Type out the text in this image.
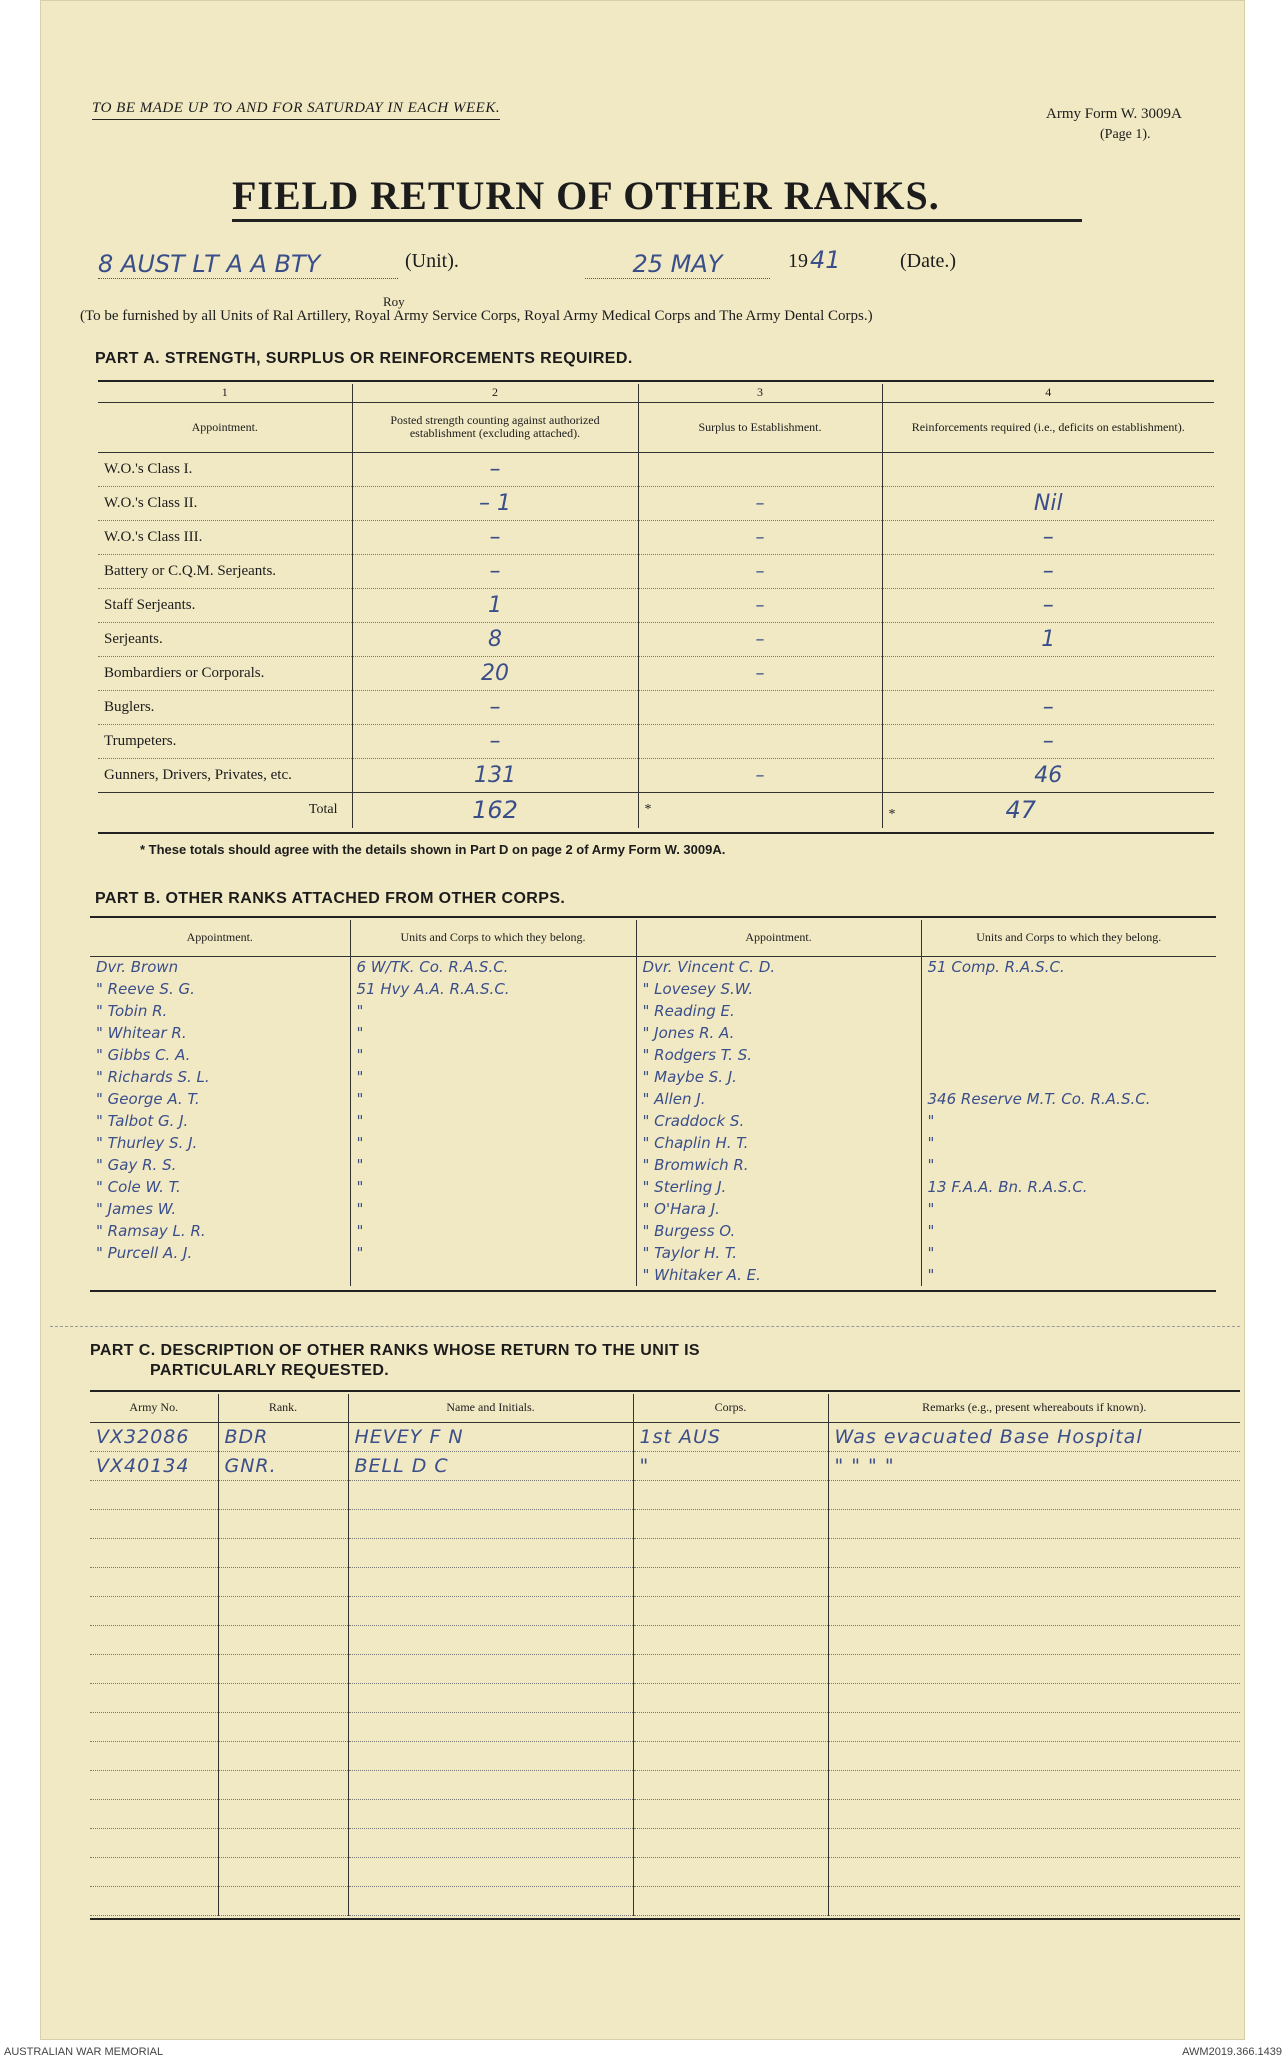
TO BE MADE UP TO AND FOR SATURDAY IN EACH WEEK.	Army Form W. 3009A
(Page 1).
FIELD RETURN OF OTHER RANKS.
8 AUST LT A A BTY	(Unit).	25 MAY	19 41	(Date.)
(To be furnished by all Units of Ral Artillery, Royal Army Service Corps, Royal Army Medical Corps and The Army Dental Corps.)
Roy
PART A. STRENGTH, SURPLUS OR REINFORCEMENTS REQUIRED.
1	2	3	4
Appointment.	Posted strength counting against authorized establishment (excluding attached).	Surplus to Establishment.	Reinforcements required (i.e., deficits on establishment).
W.O.'s Class I.	–		
W.O.'s Class II.	– 1	–	Nil
W.O.'s Class III.	–	–	–
Battery or C.Q.M. Serjeants.	–	–	–
Staff Serjeants.	1	–	–
Serjeants.	8	–	1
Bombardiers or Corporals.	20	–	
Buglers.	–		–
Trumpeters.	–		–
Gunners, Drivers, Privates, etc.	131	–	46
Total	162	*	* 47
* These totals should agree with the details shown in Part D on page 2 of Army Form W. 3009A.
PART B. OTHER RANKS ATTACHED FROM OTHER CORPS.
Appointment.	Units and Corps to which they belong.	Appointment.	Units and Corps to which they belong.
Dvr. Brown	6 W/TK. Co. R.A.S.C.	Dvr. Vincent C. D.	51 Comp. R.A.S.C.
" Reeve S. G.	51 Hvy A.A. R.A.S.C.	" Lovesey S.W.	
" Tobin R.	"	" Reading E.	
" Whitear R.	"	" Jones R. A.	
" Gibbs C. A.	"	" Rodgers T. S.	
" Richards S. L.	"	" Maybe S. J.	
" George A. T.	"	" Allen J.	346 Reserve M.T. Co. R.A.S.C.
" Talbot G. J.	"	" Craddock S.	"
" Thurley S. J.	"	" Chaplin H. T.	"
" Gay R. S.	"	" Bromwich R.	"
" Cole W. T.	"	" Sterling J.	13 F.A.A. Bn. R.A.S.C.
" James W.	"	" O'Hara J.	"
" Ramsay L. R.	"	" Burgess O.	"
" Purcell A. J.	"	" Taylor H. T.	"
		" Whitaker A. E.	"
PART C. DESCRIPTION OF OTHER RANKS WHOSE RETURN TO THE UNIT IS
PARTICULARLY REQUESTED.
Army No.	Rank.	Name and Initials.	Corps.	Remarks (e.g., present whereabouts if known).
VX32086	BDR	HEVEY F N	1st AUS	Was evacuated Base Hospital
VX40134	GNR.	BELL D C	"	" " " "

AUSTRALIAN WAR MEMORIAL	AWM2019.366.1439
